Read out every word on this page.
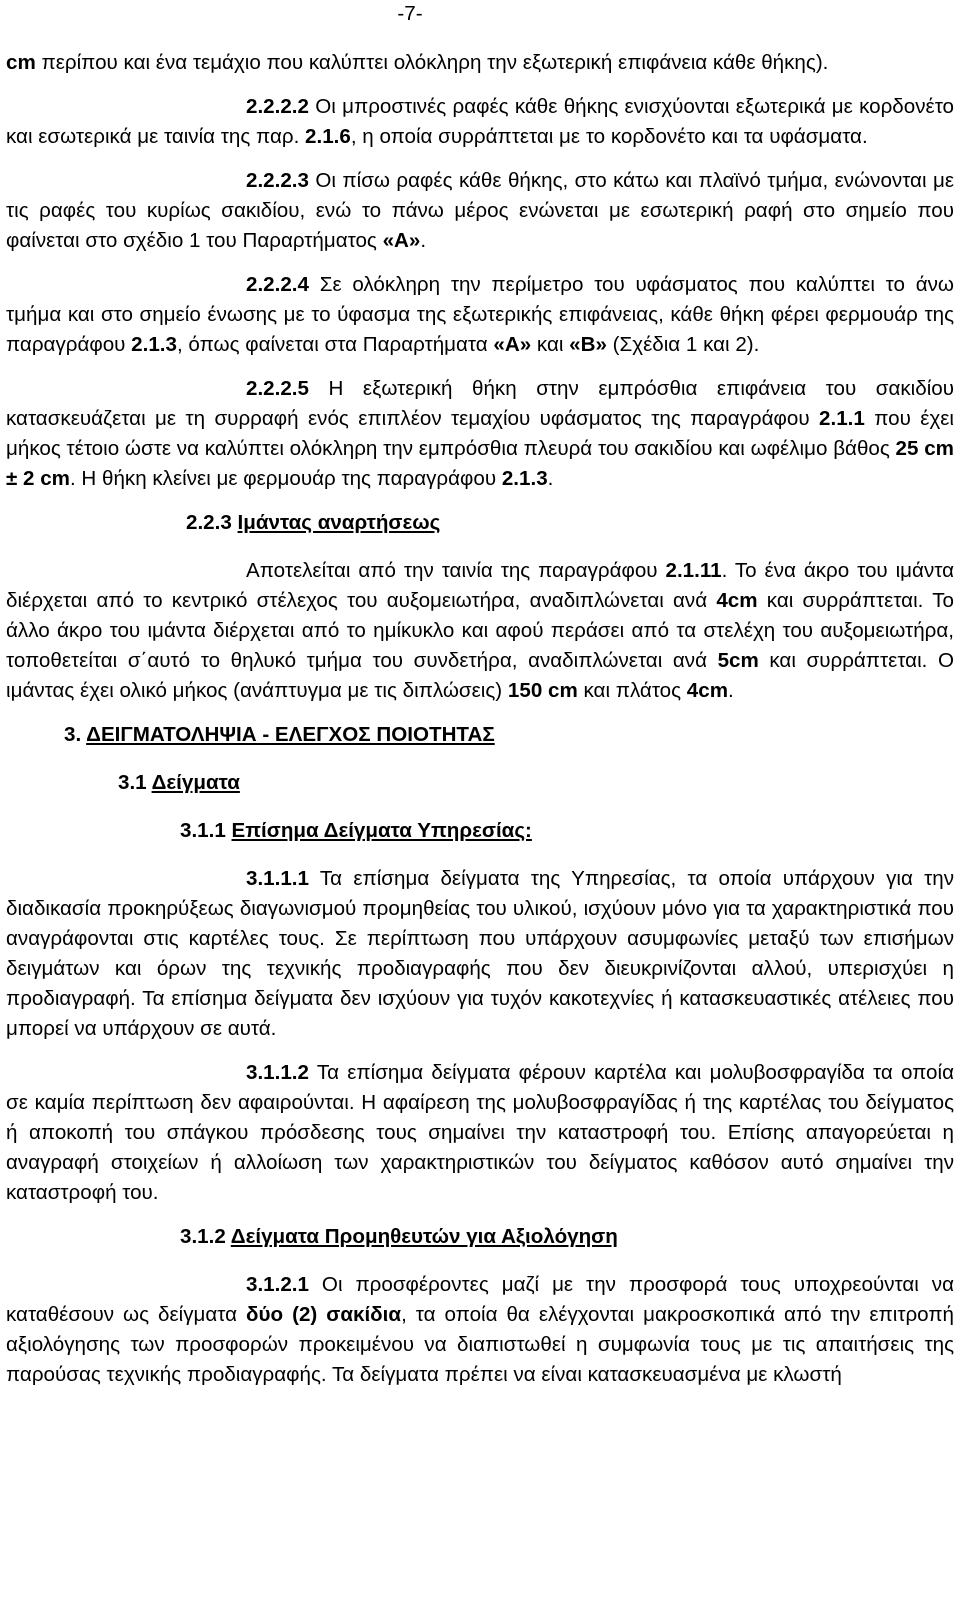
-7-

cm περίπου και ένα τεμάχιο που καλύπτει ολόκληρη την εξωτερική επιφάνεια κάθε θήκης).

2.2.2.2 Οι μπροστινές ραφές κάθε θήκης ενισχύονται εξωτερικά με κορδονέτο και εσωτερικά με ταινία της παρ. 2.1.6, η οποία συρράπτεται με το κορδονέτο και τα υφάσματα.

2.2.2.3 Οι πίσω ραφές κάθε θήκης, στο κάτω και πλαϊνό τμήμα, ενώνονται με τις ραφές του κυρίως σακιδίου, ενώ το πάνω μέρος ενώνεται με εσωτερική ραφή στο σημείο που φαίνεται στο σχέδιο 1 του Παραρτήματος «Α».

2.2.2.4 Σε ολόκληρη την περίμετρο του υφάσματος που καλύπτει το άνω τμήμα και στο σημείο ένωσης με το ύφασμα της εξωτερικής επιφάνειας, κάθε θήκη φέρει φερμουάρ της παραγράφου 2.1.3, όπως φαίνεται στα Παραρτήματα «Α» και «Β» (Σχέδια 1 και 2).

2.2.2.5 Η εξωτερική θήκη στην εμπρόσθια επιφάνεια του σακιδίου κατασκευάζεται με τη συρραφή ενός επιπλέον τεμαχίου υφάσματος της παραγράφου 2.1.1 που έχει μήκος τέτοιο ώστε να καλύπτει ολόκληρη την εμπρόσθια πλευρά του σακιδίου και ωφέλιμο βάθος 25 cm ± 2 cm. Η θήκη κλείνει με φερμουάρ της παραγράφου 2.1.3.

2.2.3 Ιμάντας αναρτήσεως

Αποτελείται από την ταινία της παραγράφου 2.1.11. Το ένα άκρο του ιμάντα διέρχεται από το κεντρικό στέλεχος του αυξομειωτήρα, αναδιπλώνεται ανά 4cm και συρράπτεται. Το άλλο άκρο του ιμάντα διέρχεται από το ημίκυκλο και αφού περάσει από τα στελέχη του αυξομειωτήρα, τοποθετείται σ΄αυτό το θηλυκό τμήμα του συνδετήρα, αναδιπλώνεται ανά 5cm και συρράπτεται. Ο ιμάντας έχει ολικό μήκος (ανάπτυγμα με τις διπλώσεις) 150 cm και πλάτος 4cm.

3. ΔΕΙΓΜΑΤΟΛΗΨΙΑ - ΕΛΕΓΧΟΣ ΠΟΙΟΤΗΤΑΣ

3.1 Δείγματα

3.1.1 Επίσημα Δείγματα Υπηρεσίας:

3.1.1.1 Τα επίσημα δείγματα της Υπηρεσίας, τα οποία υπάρχουν για την διαδικασία προκηρύξεως διαγωνισμού προμηθείας του υλικού, ισχύουν μόνο για τα χαρακτηριστικά που αναγράφονται στις καρτέλες τους. Σε περίπτωση που υπάρχουν ασυμφωνίες μεταξύ των επισήμων δειγμάτων και όρων της τεχνικής προδιαγραφής που δεν διευκρινίζονται αλλού, υπερισχύει η προδιαγραφή. Τα επίσημα δείγματα δεν ισχύουν για τυχόν κακοτεχνίες ή κατασκευαστικές ατέλειες που μπορεί να υπάρχουν σε αυτά.

3.1.1.2 Τα επίσημα δείγματα φέρουν καρτέλα και μολυβοσφραγίδα τα οποία σε καμία περίπτωση δεν αφαιρούνται. Η αφαίρεση της μολυβοσφραγίδας ή της καρτέλας του δείγματος ή αποκοπή του σπάγκου πρόσδεσης τους σημαίνει την καταστροφή του. Επίσης απαγορεύεται η αναγραφή στοιχείων ή αλλοίωση των χαρακτηριστικών του δείγματος καθόσον αυτό σημαίνει την καταστροφή του.

3.1.2 Δείγματα Προμηθευτών για Αξιολόγηση

3.1.2.1 Οι προσφέροντες μαζί με την προσφορά τους υποχρεούνται να καταθέσουν ως δείγματα δύο (2) σακίδια, τα οποία θα ελέγχονται μακροσκοπικά από την επιτροπή αξιολόγησης των προσφορών προκειμένου να διαπιστωθεί η συμφωνία τους με τις απαιτήσεις της παρούσας τεχνικής προδιαγραφής. Τα δείγματα πρέπει να είναι κατασκευασμένα με κλωστή
